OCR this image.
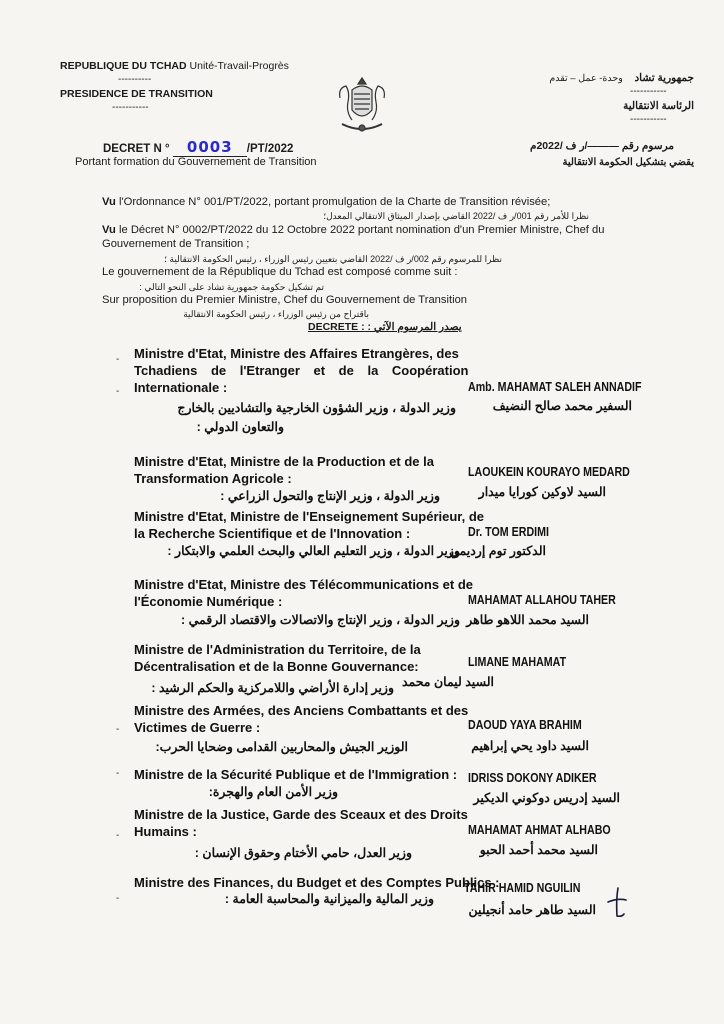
REPUBLIQUE DU TCHAD Unité-Travail-Progrès
----------
PRESIDENCE DE TRANSITION
-----------
جمهورية تشاد    وحدة- عمل – تقدم
-----------
الرئاسة الانتقالية
-----------
DECRET N ° 0003 /PT/2022
Portant formation du Gouvernement de Transition
مرسوم رقم ———/ر ف /2022م
يقضي بتشكيل الحكومة الانتقالية
Vu l'Ordonnance N° 001/PT/2022, portant promulgation de la Charte de Transition révisée;
نظرا للأمر رقم 001/ر ف /2022 القاضي بإصدار الميثاق الانتقالي المعدل؛
Vu le Décret N° 0002/PT/2022 du 12 Octobre 2022 portant nomination d'un Premier Ministre, Chef du
Gouvernement de Transition ;
نظرا للمرسوم رقم 002/ر ف /2022 القاضي بتعيين رئيس الوزراء ، رئيس الحكومة الانتقالية ؛
Le gouvernement de la République du Tchad est composé comme suit :
تم تشكيل حكومة جمهورية تشاد على النحو التالي :
Sur proposition du Premier Ministre, Chef du Gouvernement de Transition
باقتراح من رئيس الوزراء ، رئيس الحكومة الانتقالية
DECRETE : يصدر المرسوم الآتي :
-
-
Ministre d'Etat, Ministre des Affaires Etrangères, des
Tchadiens de l'Etranger et de la Coopération
Internationale :
وزير الدولة ، وزير الشؤون الخارجية والتشاديين بالخارج
والتعاون الدولي :
Amb. MAHAMAT SALEH ANNADIF
السفير محمد صالح النضيف
Ministre d'Etat, Ministre de la Production et de la
Transformation Agricole :
وزير الدولة ، وزير الإنتاج والتحول الزراعي :
LAOUKEIN KOURAYO MEDARD
السيد لاوكين كورايا ميدار
Ministre d'Etat, Ministre de l'Enseignement Supérieur, de
la Recherche Scientifique et de l'Innovation :
وزير الدولة ، وزير التعليم العالي والبحث العلمي والابتكار :
Dr. TOM ERDIMI
الدكتور توم إرديمي
Ministre d'Etat, Ministre des Télécommunications et de
l'Économie Numérique :
وزير الدولة ، وزير الإنتاج والاتصالات والاقتصاد الرقمي :
MAHAMAT ALLAHOU TAHER
السيد محمد اللاهو طاهر
Ministre de l'Administration du Territoire, de la
Décentralisation et de la Bonne Gouvernance:
وزير إدارة الأراضي واللامركزية والحكم الرشيد :
LIMANE MAHAMAT
السيد ليمان محمد
Ministre des Armées, des Anciens Combattants et des
Victimes de Guerre :
-
الوزير الجيش والمحاربين القدامى وضحايا الحرب:
DAOUD YAYA BRAHIM
السيد داود يحي إبراهيم
- Ministre de la Sécurité Publique et de l'Immigration :
وزير الأمن العام والهجرة:
IDRISS DOKONY ADIKER
السيد إدريس دوكوني الديكير
-
Ministre de la Justice, Garde des Sceaux et des Droits
Humains :
وزير العدل، حامي الأختام وحقوق الإنسان :
MAHAMAT AHMAT ALHABO
السيد محمد أحمد الحبو
-
Ministre des Finances, du Budget et des Comptes Publics :
وزير المالية والميزانية والمحاسبة العامة :
TAHIR HAMID NGUILIN
السيد طاهر حامد أنجيلين
